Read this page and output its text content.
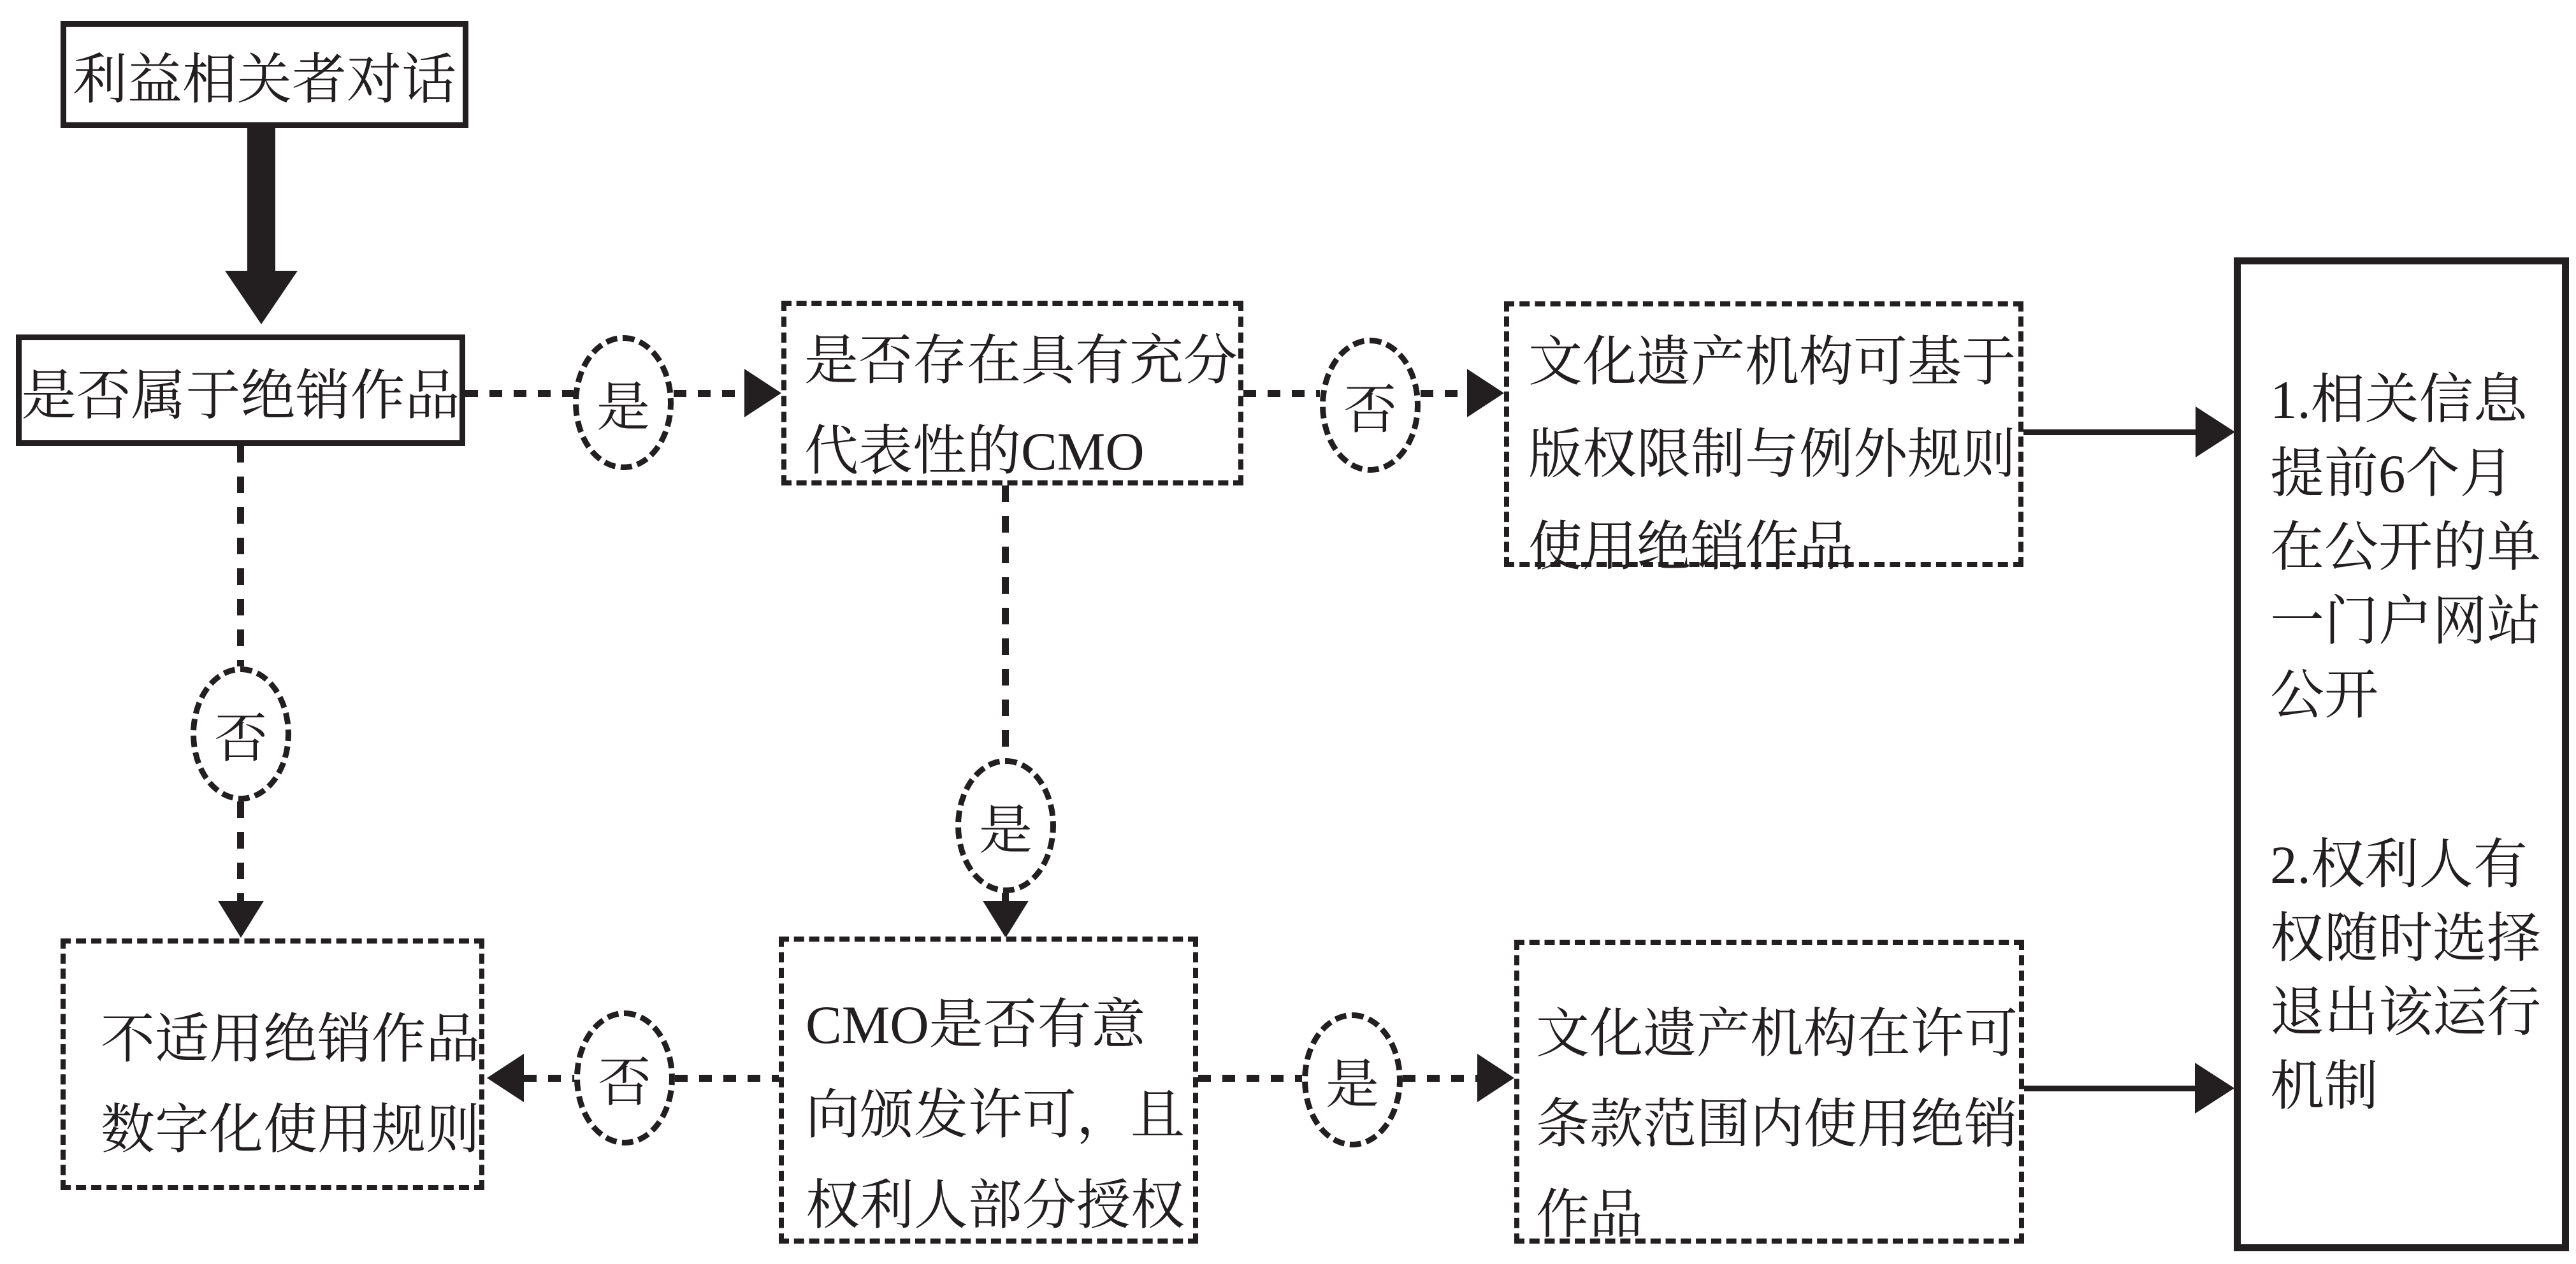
利益相关者对话
是否属于绝销作品	是
是否存在具有充分
代表性的CMO
否
文化遗产机构可基于
版权限制与例外规则
使用绝销作品
1.相关信息
提前6个月
在公开的单
一门户网站
公开
2.权利人有
权随时选择
退出该运行
机制
否
不适用绝销作品
数字化使用规则
是
CMO是否有意
向颁发许可，且
权利人部分授权
否	是
文化遗产机构在许可
条款范围内使用绝销
作品
